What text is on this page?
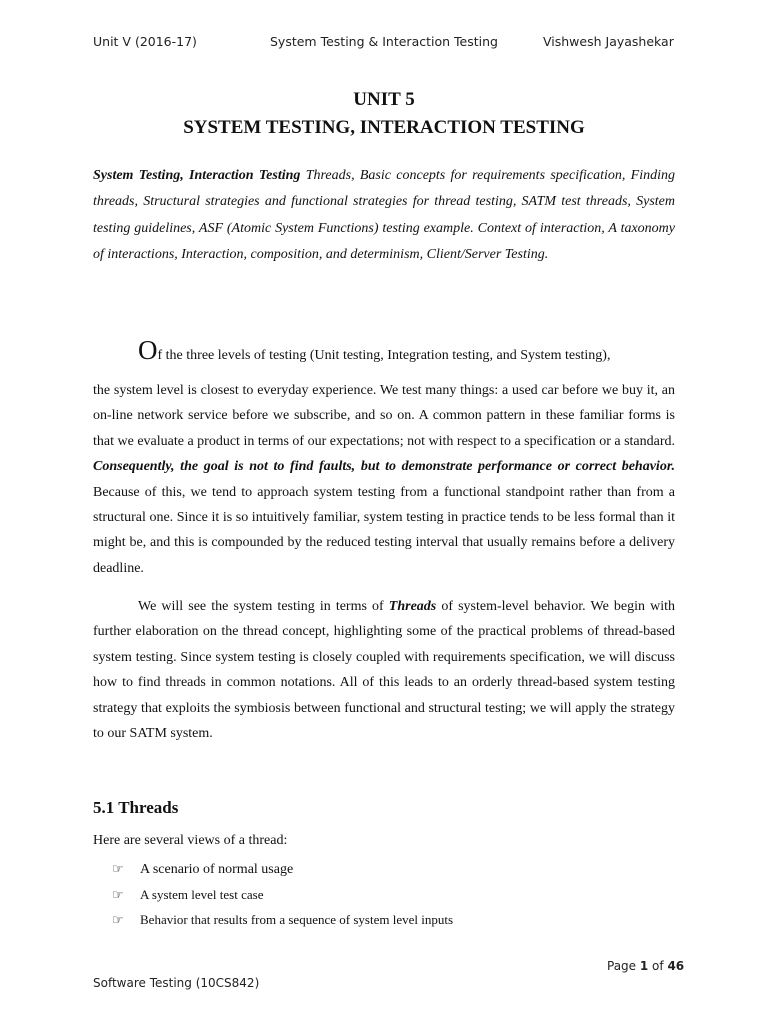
Unit V (2016-17)	System Testing & Interaction Testing	Vishwesh Jayashekar
UNIT 5
SYSTEM TESTING, INTERACTION TESTING
System Testing, Interaction Testing Threads, Basic concepts for requirements specification, Finding threads, Structural strategies and functional strategies for thread testing, SATM test threads, System testing guidelines, ASF (Atomic System Functions) testing example. Context of interaction, A taxonomy of interactions, Interaction, composition, and determinism, Client/Server Testing.
Of the three levels of testing (Unit testing, Integration testing, and System testing),
the system level is closest to everyday experience. We test many things: a used car before we buy it, an on-line network service before we subscribe, and so on. A common pattern in these familiar forms is that we evaluate a product in terms of our expectations; not with respect to a specification or a standard. Consequently, the goal is not to find faults, but to demonstrate performance or correct behavior. Because of this, we tend to approach system testing from a functional standpoint rather than from a structural one. Since it is so intuitively familiar, system testing in practice tends to be less formal than it might be, and this is compounded by the reduced testing interval that usually remains before a delivery deadline.
We will see the system testing in terms of Threads of system-level behavior. We begin with further elaboration on the thread concept, highlighting some of the practical problems of thread-based system testing. Since system testing is closely coupled with requirements specification, we will discuss how to find threads in common notations. All of this leads to an orderly thread-based system testing strategy that exploits the symbiosis between functional and structural testing; we will apply the strategy to our SATM system.
5.1 Threads
Here are several views of a thread:
☞ A scenario of normal usage
☞ A system level test case
☞ Behavior that results from a sequence of system level inputs
Page 1 of 46
Software Testing (10CS842)
